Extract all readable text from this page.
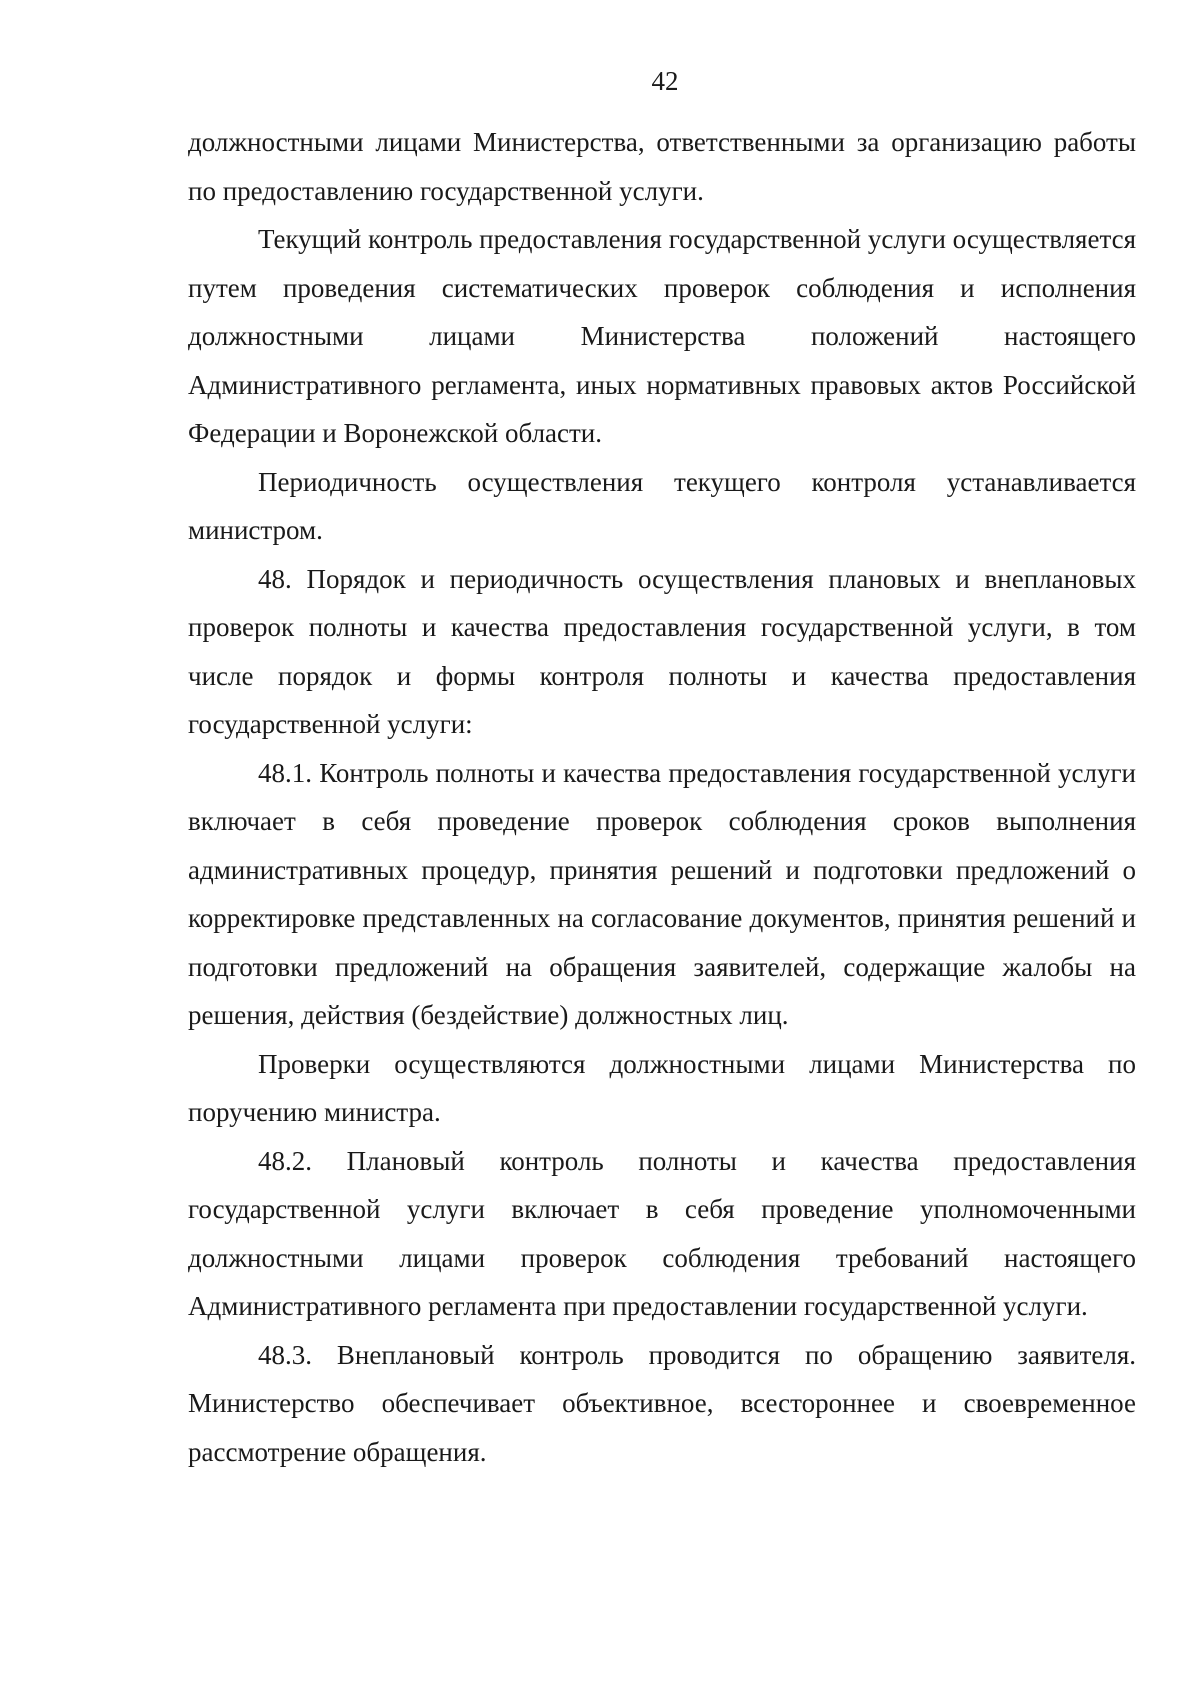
42

должностными лицами Министерства, ответственными за организацию работы по предоставлению государственной услуги.

Текущий контроль предоставления государственной услуги осуществляется путем проведения систематических проверок соблюдения и исполнения должностными лицами Министерства положений настоящего Административного регламента, иных нормативных правовых актов Российской Федерации и Воронежской области.

Периодичность осуществления текущего контроля устанавливается министром.

48. Порядок и периодичность осуществления плановых и внеплановых проверок полноты и качества предоставления государственной услуги, в том числе порядок и формы контроля полноты и качества предоставления государственной услуги:

48.1. Контроль полноты и качества предоставления государственной услуги включает в себя проведение проверок соблюдения сроков выполнения административных процедур, принятия решений и подготовки предложений о корректировке представленных на согласование документов, принятия решений и подготовки предложений на обращения заявителей, содержащие жалобы на решения, действия (бездействие) должностных лиц.

Проверки осуществляются должностными лицами Министерства по поручению министра.

48.2. Плановый контроль полноты и качества предоставления государственной услуги включает в себя проведение уполномоченными должностными лицами проверок соблюдения требований настоящего Административного регламента при предоставлении государственной услуги.

48.3. Внеплановый контроль проводится по обращению заявителя. Министерство обеспечивает объективное, всестороннее и своевременное рассмотрение обращения.
